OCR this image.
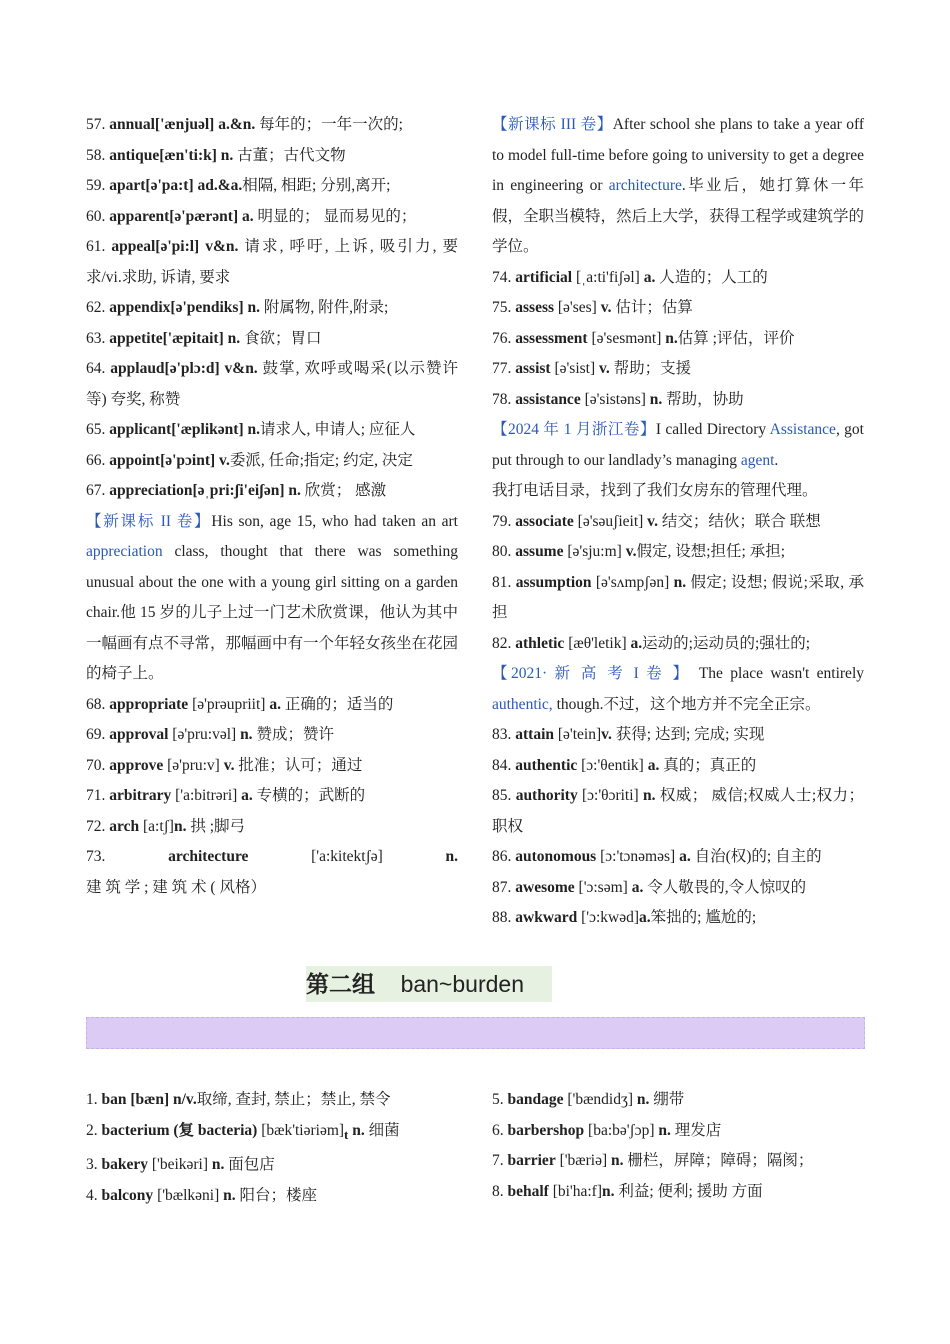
57. annual['ænjuəl] a.&n. 每年的；一年一次的;
58. antique[æn'ti:k] n. 古董；古代文物
59. apart[ə'pa:t] ad.&a.相隔, 相距; 分别,离开;
60. apparent[ə'pærənt] a. 明显的； 显而易见的；
61. appeal[ə'pi:l] v&n. 请求, 呼吁, 上诉, 吸引力, 要求/vi.求助, 诉请, 要求
62. appendix[ə'pendiks] n. 附属物, 附件,附录;
63. appetite['æpitait] n. 食欲；胃口
64. applaud[ə'plɔ:d] v&n. 鼓掌, 欢呼或喝采(以示赞许等) 夸奖, 称赞
65. applicant['æplikənt] n.请求人, 申请人; 应征人
66. appoint[ə'pɔint] v.委派, 任命;指定; 约定, 决定
67. appreciation[əˌpri:ʃi'eiʃən] n. 欣赏； 感激
【新课标 II 卷】His son, age 15, who had taken an art appreciation class, thought that there was something unusual about the one with a young girl sitting on a garden chair.他 15 岁的儿子上过一门艺术欣赏课，他认为其中一幅画有点不寻常，那幅画中有一个年轻女孩坐在花园的椅子上。
68. appropriate [ə'prəupriit] a. 正确的；适当的
69. approval [ə'pru:vəl] n. 赞成；赞许
70. approve [ə'pru:v] v. 批准；认可；通过
71. arbitrary ['a:bitrəri] a. 专横的；武断的
72. arch [a:tʃ]n. 拱 ;脚弓
73.	architecture ['a:kitektʃə] n. 建 筑 学 ; 建 筑 术 ( 风格）
【新课标 III 卷】After school she plans to take a year off to model full-time before going to university to get a degree in engineering or architecture.毕业后，她打算休一年假，全职当模特，然后上大学，获得工程学或建筑学的学位。
74. artificial [ˌa:ti'fiʃəl] a. 人造的；人工的
75. assess [ə'ses] v. 估计；估算
76. assessment [ə'sesmənt] n.估算 ;评估，评价
77. assist [ə'sist] v. 帮助；支援
78. assistance [ə'sistəns] n. 帮助，协助
【2024 年 1 月浙江卷】I called Directory Assistance, got put through to our landlady’s managing agent.
我打电话目录，找到了我们女房东的管理代理。
79. associate [ə'səuʃieit] v. 结交；结伙；联合 联想
80. assume [ə'sju:m] v.假定, 设想;担任; 承担;
81. assumption [ə'sʌmpʃən] n. 假定; 设想; 假说;采取, 承担
82. athletic [æθ'letik] a.运动的;运动员的;强壮的;
【2021· 新 高 考 I 卷 】 The place wasn't entirely authentic, though.不过，这个地方并不完全正宗。
83. attain [ə'tein]v. 获得; 达到; 完成; 实现
84. authentic [ɔ:'θentik] a. 真的；真正的
85. authority [ɔ:'θɔriti] n. 权威； 威信;权威人士;权力；职权
86. autonomous [ɔ:'tɔnəməs] a. 自治(权)的; 自主的
87. awesome ['ɔ:səm] a. 令人敬畏的,令人惊叹的
88. awkward ['ɔ:kwəd]a.笨拙的; 尴尬的;
第二组 ban~burden
1. ban [bæn] n/v.取缔, 查封, 禁止；禁止, 禁令
2. bacterium (复 bacteria) $[bæk'tiəriəm]_t$ n. 细菌
3. bakery ['beikəri] n. 面包店
4. balcony ['bælkəni] n. 阳台；楼座
5. bandage ['bændidʒ] n. 绷带
6. barbershop [ba:bə'ʃɔp] n. 理发店
7. barrier ['bæriə] n. 栅栏，屏障；障碍；隔阂；
8. behalf [bi'ha:f]n. 利益; 便利; 援助 方面
